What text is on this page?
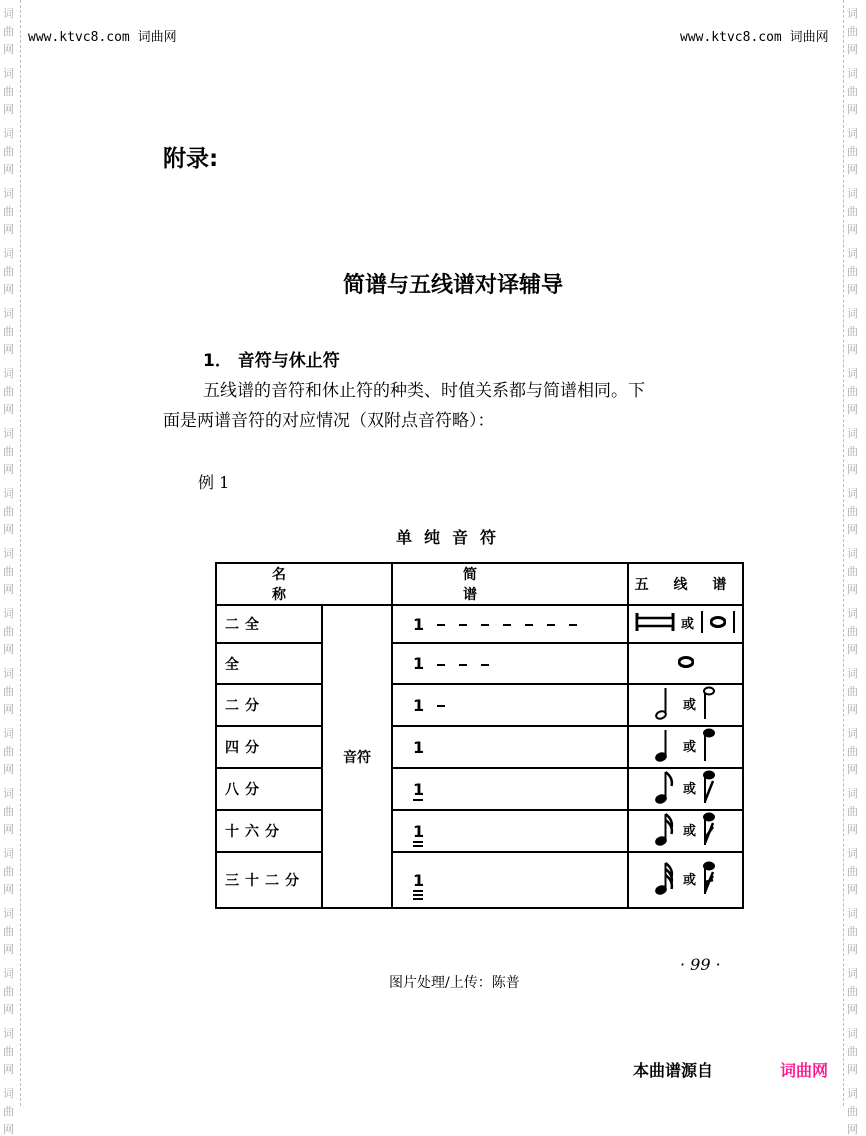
词
曲
网
词
曲
网
词
曲
网
词
曲
网
词
曲
网
词
曲
网
词
曲
网
词
曲
网
词
曲
网
词
曲
网
词
曲
网
词
曲
网
词
曲
网
词
曲
网
词
曲
网
词
曲
网
词
曲
网
词
曲
网
词
曲
网
词
曲
网
词
曲
网
词
曲
网
词
曲
网
词
曲
网
词
曲
网
词
曲
网
词
曲
网
词
曲
网
词
曲
网
词
曲
网
词
曲
网
词
曲
网
词
曲
网
词
曲
网
词
曲
网
词
曲
网
词
曲
网
词
曲
网
www.ktvc8.com 词曲网	www.ktvc8.com 词曲网
附录:
简谱与五线谱对译辅导
1． 音符与休止符
五线谱的音符和休止符的种类、时值关系都与简谱相同。下
面是两谱音符的对应情况（双附点音符略）：
例 1
单纯音符
名 称		简 谱	五 线 谱
二全	音符	1	或

全		1	

二分		1	或

四分		1	或

八分		1	或

十六分		1	或

三十二分		1	或
· 99 ·
图片处理/上传：陈普
本曲谱源自	词曲网
